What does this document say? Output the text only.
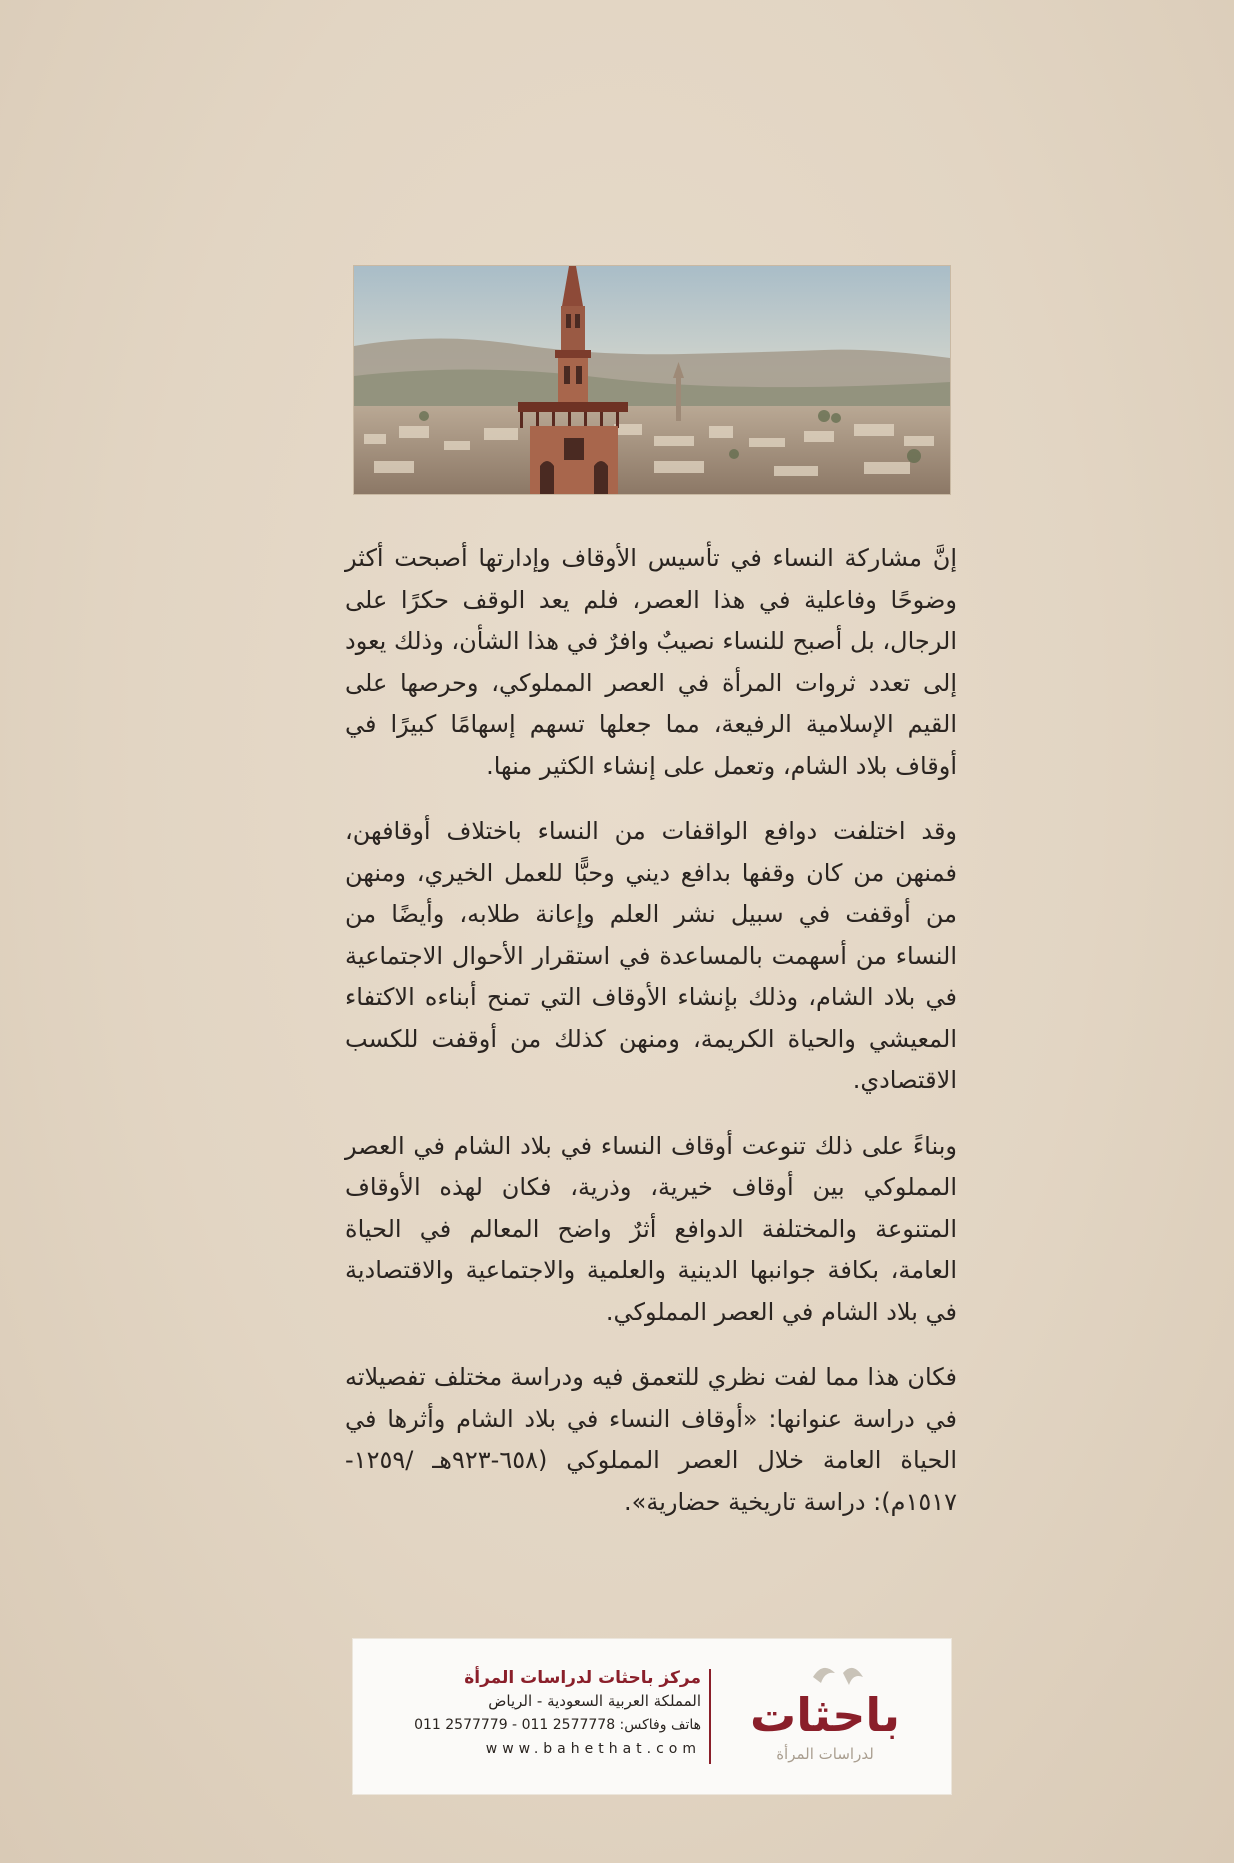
إنَّ مشاركة النساء في تأسيس الأوقاف وإدارتها أصبحت أكثر وضوحًا وفاعلية في هذا العصر، فلم يعد الوقف حكرًا على الرجال، بل أصبح للنساء نصيبٌ وافرٌ في هذا الشأن، وذلك يعود إلى تعدد ثروات المرأة في العصر المملوكي، وحرصها على القيم الإسلامية الرفيعة، مما جعلها تسهم إسهامًا كبيرًا في أوقاف بلاد الشام، وتعمل على إنشاء الكثير منها.

وقد اختلفت دوافع الواقفات من النساء باختلاف أوقافهن، فمنهن من كان وقفها بدافع ديني وحبًّا للعمل الخيري، ومنهن من أوقفت في سبيل نشر العلم وإعانة طلابه، وأيضًا من النساء من أسهمت بالمساعدة في استقرار الأحوال الاجتماعية في بلاد الشام، وذلك بإنشاء الأوقاف التي تمنح أبناءه الاكتفاء المعيشي والحياة الكريمة، ومنهن كذلك من أوقفت للكسب الاقتصادي.

وبناءً على ذلك تنوعت أوقاف النساء في بلاد الشام في العصر المملوكي بين أوقاف خيرية، وذرية، فكان لهذه الأوقاف المتنوعة والمختلفة الدوافع أثرٌ واضح المعالم في الحياة العامة، بكافة جوانبها الدينية والعلمية والاجتماعية والاقتصادية في بلاد الشام في العصر المملوكي.

فكان هذا مما لفت نظري للتعمق فيه ودراسة مختلف تفصيلاته في دراسة عنوانها: «أوقاف النساء في بلاد الشام وأثرها في الحياة العامة خلال العصر المملوكي (٦٥٨-٩٢٣هـ /١٢٥٩- ١٥١٧م): دراسة تاريخية حضارية».

مركز باحثات لدراسات المرأة
المملكة العربية السعودية - الرياض
هاتف وفاكس: 2577778 011 - 2577779 011
www.bahethat.com
باحثات
لدراسات المرأة
